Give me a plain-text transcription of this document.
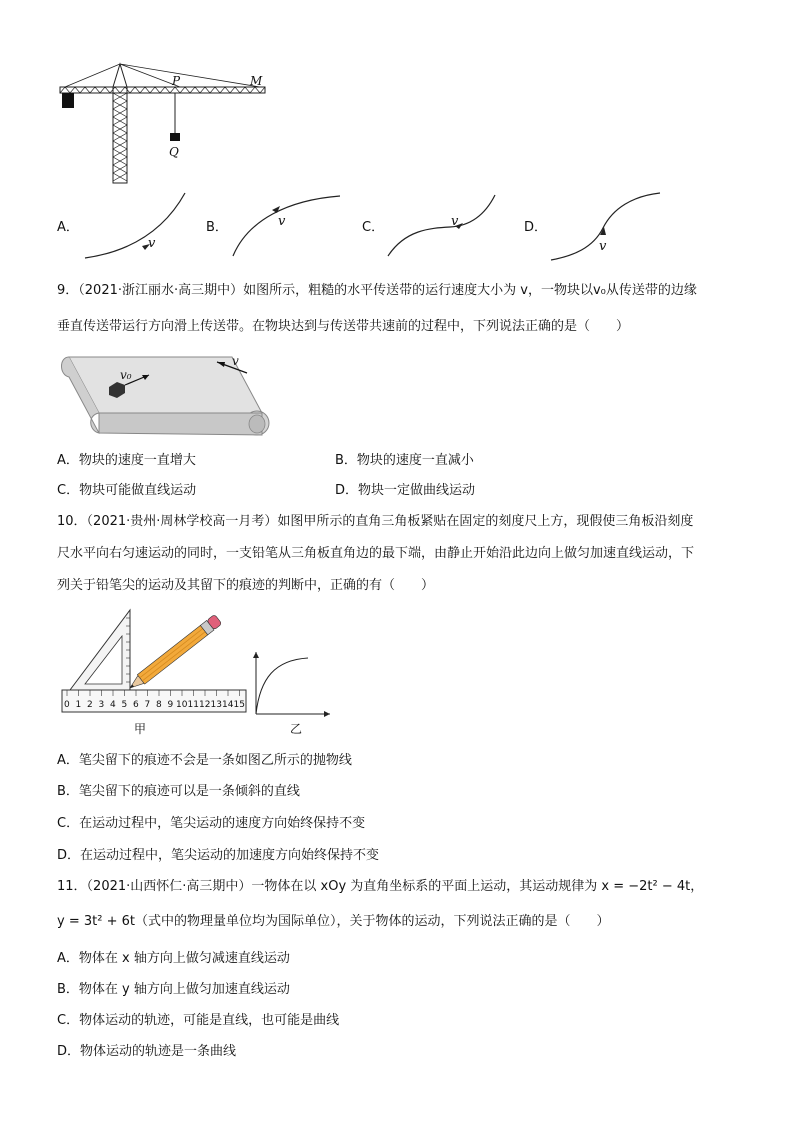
P	M
Q
A．
v
B．	v	C．	v	D．
v
9．（2021·浙江丽水·高三期中）如图所示，粗糙的水平传送带的运行速度大小为 v，一物块以v₀从传送带的边缘
垂直传送带运行方向滑上传送带。在物块达到与传送带共速前的过程中，下列说法正确的是（　　）
v
v₀
A．物块的速度一直增大	B．物块的速度一直减小
C．物块可能做直线运动	D．物块一定做曲线运动
10．（2021·贵州·周林学校高一月考）如图甲所示的直角三角板紧贴在固定的刻度尺上方，现假使三角板沿刻度
尺水平向右匀速运动的同时，一支铅笔从三角板直角边的最下端，由静止开始沿此边向上做匀加速直线运动，下
列关于铅笔尖的运动及其留下的痕迹的判断中，正确的有（　　）
0 1 2 3 4 5 6 7 8 9 10 11 12 13 14 15
甲	乙
A．笔尖留下的痕迹不会是一条如图乙所示的抛物线
B．笔尖留下的痕迹可以是一条倾斜的直线
C．在运动过程中，笔尖运动的速度方向始终保持不变
D．在运动过程中，笔尖运动的加速度方向始终保持不变
11．（2021·山西怀仁·高三期中）一物体在以 xOy 为直角坐标系的平面上运动，其运动规律为 x = −2t² − 4t，
y = 3t² + 6t（式中的物理量单位均为国际单位），关于物体的运动，下列说法正确的是（　　）
A．物体在 x 轴方向上做匀减速直线运动
B．物体在 y 轴方向上做匀加速直线运动
C．物体运动的轨迹，可能是直线，也可能是曲线
D．物体运动的轨迹是一条曲线
